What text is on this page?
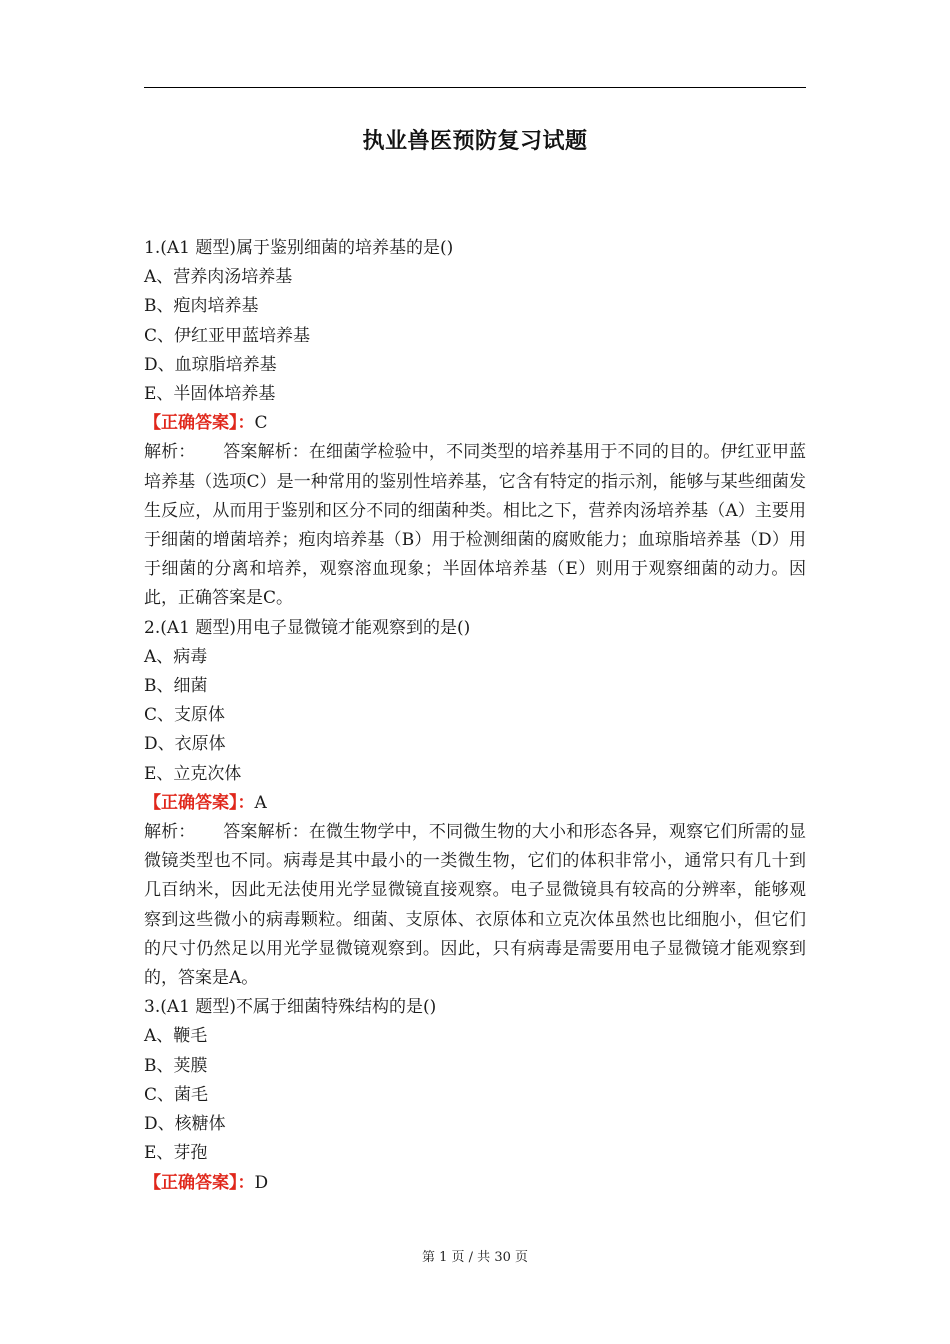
执业兽医预防复习试题

1.(A1 题型)属于鉴别细菌的培养基的是()

A、营养肉汤培养基

B、疱肉培养基

C、伊红亚甲蓝培养基

D、血琼脂培养基

E、半固体培养基

【正确答案】：C

解析： 答案解析：在细菌学检验中，不同类型的培养基用于不同的目的。伊红亚甲蓝培养基（选项C）是一种常用的鉴别性培养基，它含有特定的指示剂，能够与某些细菌发生反应，从而用于鉴别和区分不同的细菌种类。相比之下，营养肉汤培养基（A）主要用于细菌的增菌培养；疱肉培养基（B）用于检测细菌的腐败能力；血琼脂培养基（D）用于细菌的分离和培养，观察溶血现象；半固体培养基（E）则用于观察细菌的动力。因此，正确答案是C。

2.(A1 题型)用电子显微镜才能观察到的是()

A、病毒

B、细菌

C、支原体

D、衣原体

E、立克次体

【正确答案】：A

解析： 答案解析：在微生物学中，不同微生物的大小和形态各异，观察它们所需的显微镜类型也不同。病毒是其中最小的一类微生物，它们的体积非常小，通常只有几十到几百纳米，因此无法使用光学显微镜直接观察。电子显微镜具有较高的分辨率，能够观察到这些微小的病毒颗粒。细菌、支原体、衣原体和立克次体虽然也比细胞小，但它们的尺寸仍然足以用光学显微镜观察到。因此，只有病毒是需要用电子显微镜才能观察到的，答案是A。

3.(A1 题型)不属于细菌特殊结构的是()

A、鞭毛

B、荚膜

C、菌毛

D、核糖体

E、芽孢

【正确答案】：D

第 1 页 / 共 30 页
